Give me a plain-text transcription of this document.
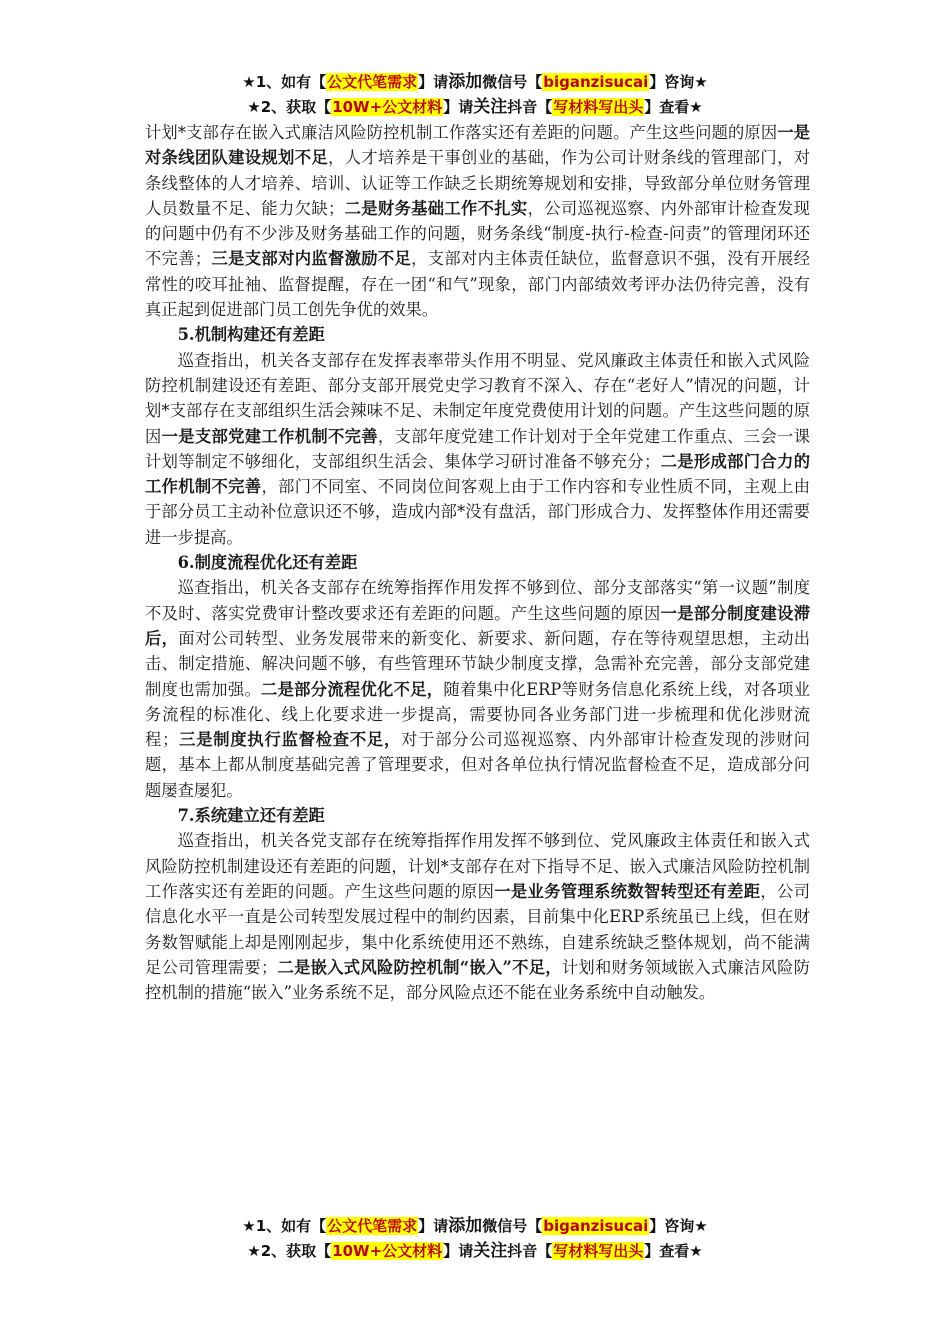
★1、如有【公文代笔需求】请添加微信号【biganzisucai】咨询★
★2、获取【10W+公文材料】请关注抖音【写材料写出头】查看★

计划*支部存在嵌入式廉洁风险防控机制工作落实还有差距的问题。产生这些问题的原因一是对条线团队建设规划不足，人才培养是干事创业的基础，作为公司计财条线的管理部门，对条线整体的人才培养、培训、认证等工作缺乏长期统筹规划和安排，导致部分单位财务管理人员数量不足、能力欠缺；二是财务基础工作不扎实，公司巡视巡察、内外部审计检查发现的问题中仍有不少涉及财务基础工作的问题，财务条线“制度-执行-检查-问责”的管理闭环还不完善；三是支部对内监督激励不足，支部对内主体责任缺位，监督意识不强，没有开展经常性的咬耳扯袖、监督提醒，存在一团“和气”现象，部门内部绩效考评办法仍待完善，没有真正起到促进部门员工创先争优的效果。

5.机制构建还有差距

巡查指出，机关各支部存在发挥表率带头作用不明显、党风廉政主体责任和嵌入式风险防控机制建设还有差距、部分支部开展党史学习教育不深入、存在“老好人”情况的问题，计划*支部存在支部组织生活会辣味不足、未制定年度党费使用计划的问题。产生这些问题的原因一是支部党建工作机制不完善，支部年度党建工作计划对于全年党建工作重点、三会一课计划等制定不够细化，支部组织生活会、集体学习研讨准备不够充分；二是形成部门合力的工作机制不完善，部门不同室、不同岗位间客观上由于工作内容和专业性质不同，主观上由于部分员工主动补位意识还不够，造成内部*没有盘活，部门形成合力、发挥整体作用还需要进一步提高。

6.制度流程优化还有差距

巡查指出，机关各支部存在统筹指挥作用发挥不够到位、部分支部落实“第一议题”制度不及时、落实党费审计整改要求还有差距的问题。产生这些问题的原因一是部分制度建设滞后，面对公司转型、业务发展带来的新变化、新要求、新问题，存在等待观望思想，主动出击、制定措施、解决问题不够，有些管理环节缺少制度支撑，急需补充完善，部分支部党建制度也需加强。二是部分流程优化不足，随着集中化ERP等财务信息化系统上线，对各项业务流程的标准化、线上化要求进一步提高，需要协同各业务部门进一步梳理和优化涉财流程；三是制度执行监督检查不足，对于部分公司巡视巡察、内外部审计检查发现的涉财问题，基本上都从制度基础完善了管理要求，但对各单位执行情况监督检查不足，造成部分问题屡查屡犯。

7.系统建立还有差距

巡查指出，机关各党支部存在统筹指挥作用发挥不够到位、党风廉政主体责任和嵌入式风险防控机制建设还有差距的问题，计划*支部存在对下指导不足、嵌入式廉洁风险防控机制工作落实还有差距的问题。产生这些问题的原因一是业务管理系统数智转型还有差距，公司信息化水平一直是公司转型发展过程中的制约因素，目前集中化ERP系统虽已上线，但在财务数智赋能上却是刚刚起步，集中化系统使用还不熟练，自建系统缺乏整体规划，尚不能满足公司管理需要；二是嵌入式风险防控机制“嵌入”不足，计划和财务领域嵌入式廉洁风险防控机制的措施“嵌入”业务系统不足，部分风险点还不能在业务系统中自动触发。

★1、如有【公文代笔需求】请添加微信号【biganzisucai】咨询★
★2、获取【10W+公文材料】请关注抖音【写材料写出头】查看★
